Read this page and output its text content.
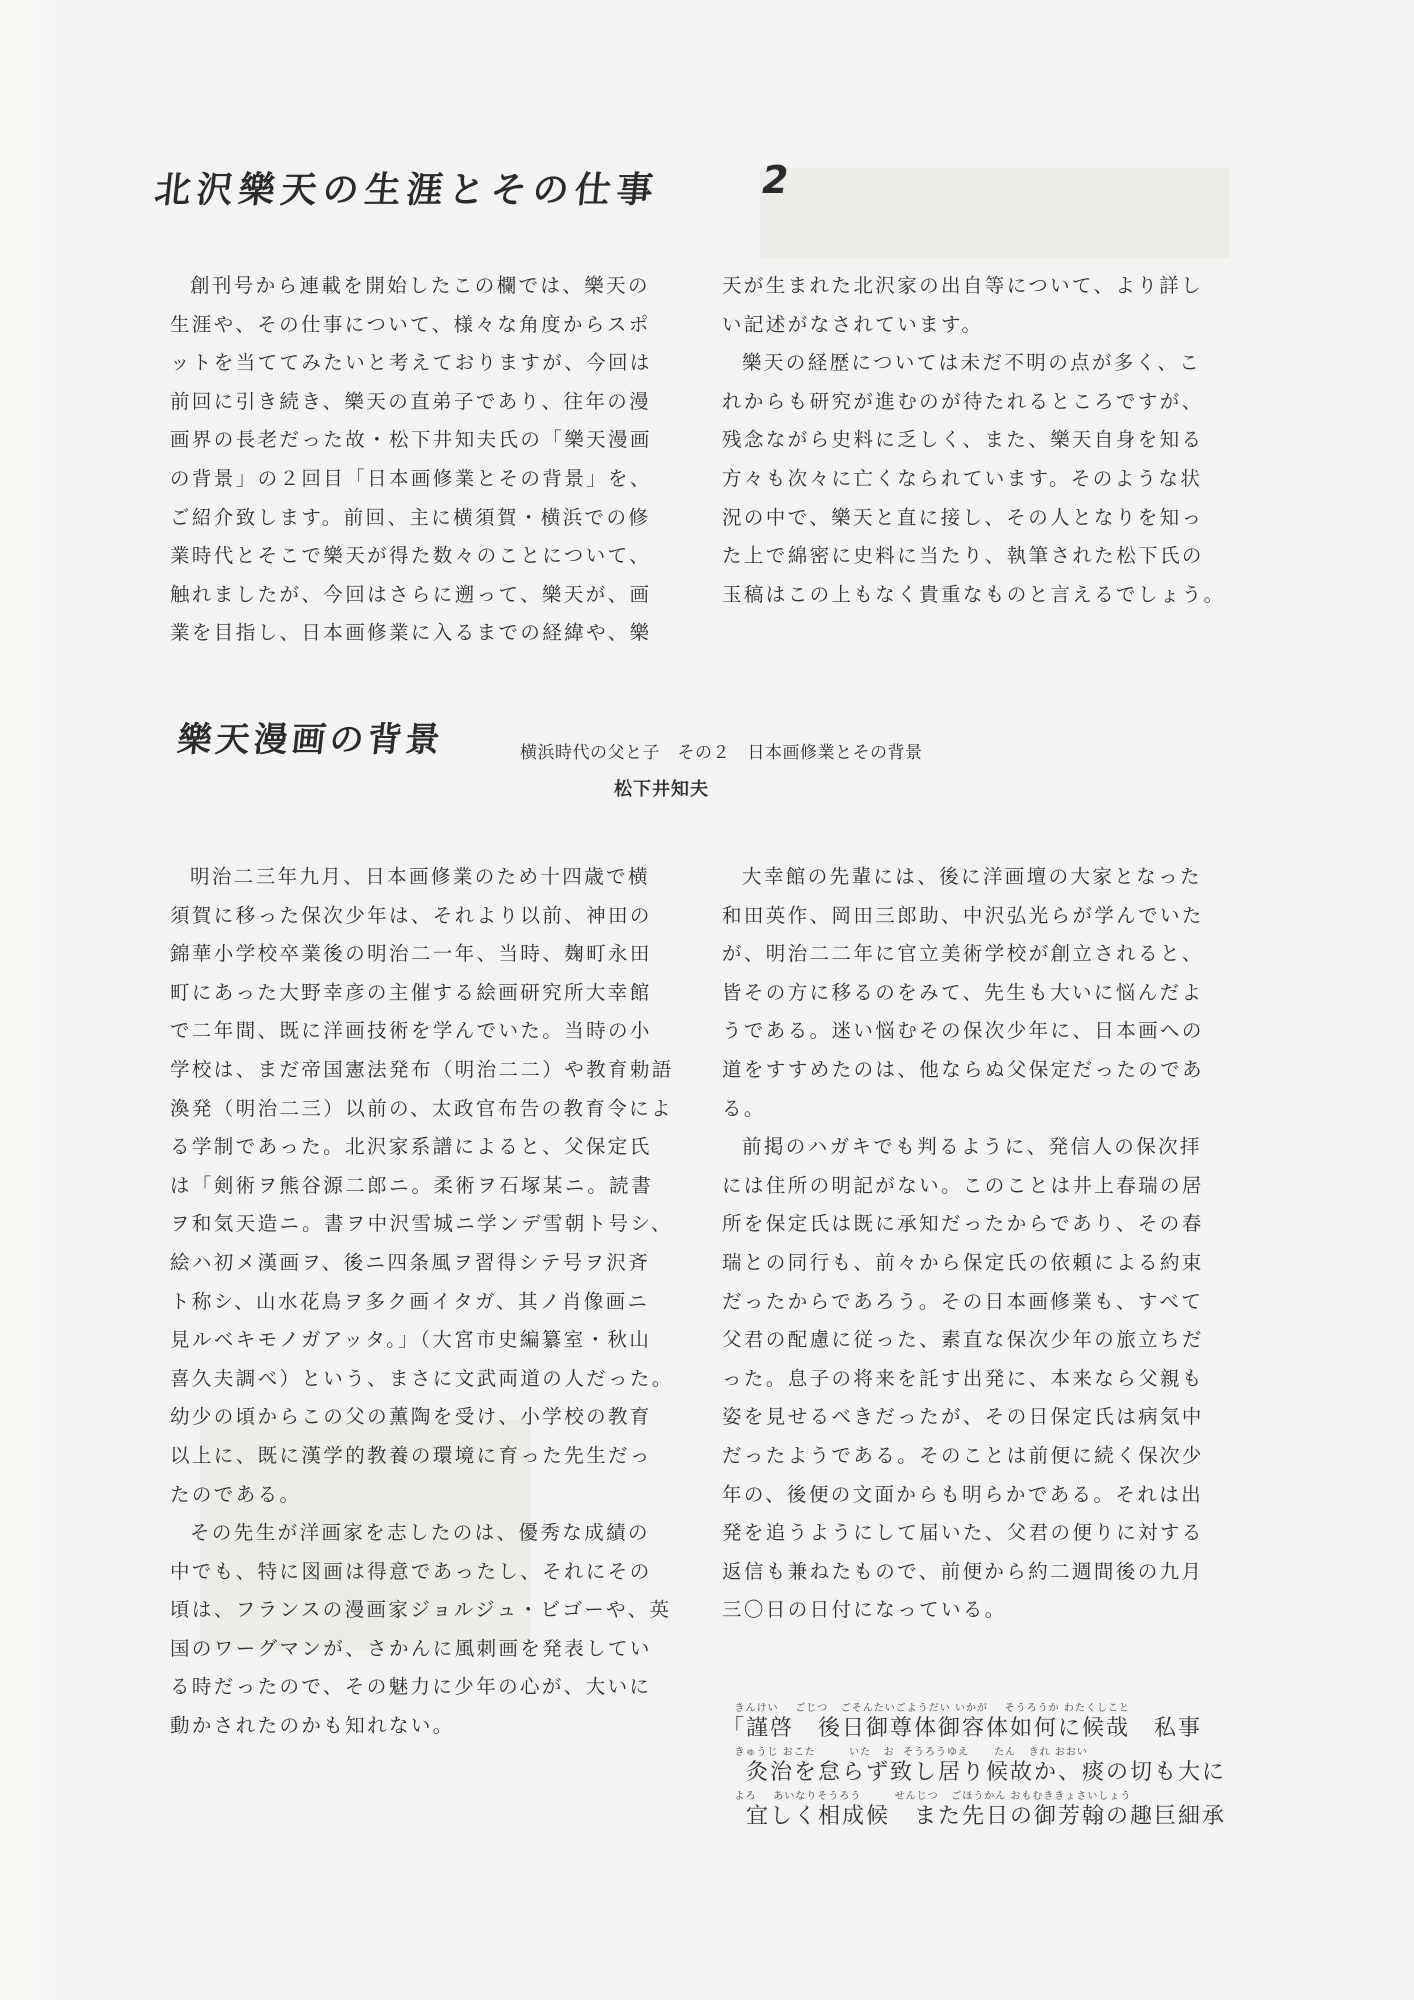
北沢樂天の生涯とその仕事	2

創刊号から連載を開始したこの欄では、樂天の

生涯や、その仕事について、様々な角度からスポ

ットを当ててみたいと考えておりますが、今回は

前回に引き続き、樂天の直弟子であり、往年の漫

画界の長老だった故・松下井知夫氏の「樂天漫画

の背景」の２回目「日本画修業とその背景」を、

ご紹介致します。前回、主に横須賀・横浜での修

業時代とそこで樂天が得た数々のことについて、

触れましたが、今回はさらに遡って、樂天が、画

業を目指し、日本画修業に入るまでの経緯や、樂

天が生まれた北沢家の出自等について、より詳し

い記述がなされています。

樂天の経歴については未だ不明の点が多く、こ

れからも研究が進むのが待たれるところですが、

残念ながら史料に乏しく、また、樂天自身を知る

方々も次々に亡くなられています。そのような状

況の中で、樂天と直に接し、その人となりを知っ

た上で綿密に史料に当たり、執筆された松下氏の

玉稿はこの上もなく貴重なものと言えるでしょう。

樂天漫画の背景	横浜時代の父と子　その２　日本画修業とその背景
松下井知夫

明治二三年九月、日本画修業のため十四歳で横

須賀に移った保次少年は、それより以前、神田の

錦華小学校卒業後の明治二一年、当時、麹町永田

町にあった大野幸彦の主催する絵画研究所大幸館

で二年間、既に洋画技術を学んでいた。当時の小

学校は、まだ帝国憲法発布（明治二二）や教育勅語

渙発（明治二三）以前の、太政官布告の教育令によ

る学制であった。北沢家系譜によると、父保定氏

は「剣術ヲ熊谷源二郎ニ。柔術ヲ石塚某ニ。読書

ヲ和気天造ニ。書ヲ中沢雪城ニ学ンデ雪朝ト号シ、

絵ハ初メ漢画ヲ、後ニ四条風ヲ習得シテ号ヲ沢斉

ト称シ、山水花鳥ヲ多ク画イタガ、其ノ肖像画ニ

見ルベキモノガアッタ。」（大宮市史編纂室・秋山

喜久夫調べ）という、まさに文武両道の人だった。

幼少の頃からこの父の薫陶を受け、小学校の教育

以上に、既に漢学的教養の環境に育った先生だっ

たのである。

その先生が洋画家を志したのは、優秀な成績の

中でも、特に図画は得意であったし、それにその

頃は、フランスの漫画家ジョルジュ・ビゴーや、英

国のワーグマンが、さかんに風刺画を発表してい

る時だったので、その魅力に少年の心が、大いに

動かされたのかも知れない。

大幸館の先輩には、後に洋画壇の大家となった

和田英作、岡田三郎助、中沢弘光らが学んでいた

が、明治二二年に官立美術学校が創立されると、

皆その方に移るのをみて、先生も大いに悩んだよ

うである。迷い悩むその保次少年に、日本画への

道をすすめたのは、他ならぬ父保定だったのであ

る。

前掲のハガキでも判るように、発信人の保次拝

には住所の明記がない。このことは井上春瑞の居

所を保定氏は既に承知だったからであり、その春

瑞との同行も、前々から保定氏の依頼による約束

だったからであろう。その日本画修業も、すべて

父君の配慮に従った、素直な保次少年の旅立ちだ

った。息子の将来を託す出発に、本来なら父親も

姿を見せるべきだったが、その日保定氏は病気中

だったようである。そのことは前便に続く保次少

年の、後便の文面からも明らかである。それは出

発を追うようにして届いた、父君の便りに対する

返信も兼ねたもので、前便から約二週間後の九月

三〇日の日付になっている。

きんけい    ごじつ   ごそんたいごようだい いかが    そうろうか わたくしこと
「謹啓　後日御尊体御容体如何に候哉　私事
きゅうじ おこた        いた   お  そうろうゆえ      たん   きれ おおい
　灸治を怠らず致し居り候故か、痰の切も大に
よろ    あいなりそうろう        せんじつ   ごほうかん おもむききょさいしょう
　宜しく相成候　また先日の御芳翰の趣巨細承
